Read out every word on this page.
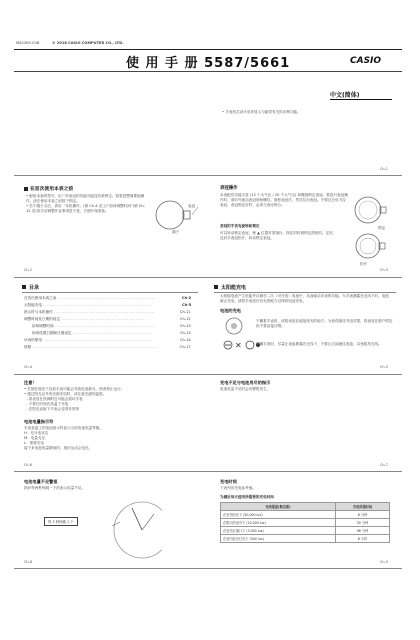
MA2309-ChB	© 2016 CASIO COMPUTER CO., LTD.
使 用 手 册 5587/5661	CASIO
中文(简体)
• 手表机芯设计用来显示与磁带有关的各种功能。
Ch-1
在首次使用本表之前
• 配给本表的型号，出厂时表冠的功能可能没有被锁定。如果您想简要地操作，请在使用本表之前按下锁定。
• 若干端子点后，请用「本机操作」(第 Ch-4 页上)“如何调整时间”(第 Ch-12 页)来手动调整作业事项是不是，方便开始准备。
表冠
端子
Ch-2
表冠操作
本表配有功能丰富 (12 个大气压 / 20 个大气压) 和螺旋锁定表冠。要进行表冠操作时，请向外旋动表冠到何螺纹。旋松表冠后，然后拉出表冠。不要过分用力拉表冠。表冠锁定好时，必须与表壳吻合。
表冠的手表有旋转和锁定
可以转动锁定表冠，使 ▲ 位置对准指针。按住时转到锁定按钮时，定好，连后手表冠松开，转动锁定表冠。
锁定
松开
Ch-3
目录
在首次使用本表之前 ........................................................	Ch-2
太阳能充电 ..............................................................	Ch-5
指示符与本机操作 ..........................................................	Ch-11
调整时间及日期的设定 .................................................	Ch-12
如何调整时间 ..........................................................	Ch-13
如何设置日期和日期设定 ..............................................	Ch-13
补表的使用 ...............................................................	Ch-14
规格 ........................................................................	Ch-17
Ch-4
太阳能充电
太阳能电池产生电能并存储在二次（可充电）电池中，从而驱动手表的功能。当手表暴露在光线下时，电池就会充电。请将手表放在有光的地方以保持电池充电。
电池的充电
不戴着手表时，请将表放在能接受光的地方。为获得最佳充电效果，将表放在窗户附近但不要直接日晒。
✕	佩戴手表时，尽量让表盘暴露在光线下，不要让衣袖遮住表盘，以免阻挡光线。
Ch-5
注意！
• 长期在弱光下存放手表可能会导致电池耗尽，使表停止运行。
• 通过阳光以外的光源充电时，请注意光源的温度。
- 将表放在热源附近可能会损坏手表
- 不要长时间在高温下充电
- 在阳光直射下手表会变得非常热
电池电量指示符
手表表盘上的电池指示符显示当前电池电量等级。
H：充分电状态
M：电量充足
L：需要充电
接下来电池电量降低时，指针运动会变化。
Ch-6
充电不足与电池用尽的指示
电池电量不足时会有警报发生。
Ch-7
电池电量不足警报
指针每两秒钟跳一下的表示电量不足。
每 2 秒钟跳 1 下
Ch-8
充电时间
下表列出充电参考值。
为满足每天使用所需要的充电时间
光线强度(勒克斯)	充电所需时间
在室外阳光下 (50,000 lux)	8 分钟
在阴天的室外下 (10,000 lux)	30 分钟
在荧光灯窗口下 (3,000 lux)	96 分钟
在室内荧光灯光下 (500 lux)	8 小时
Ch-9
